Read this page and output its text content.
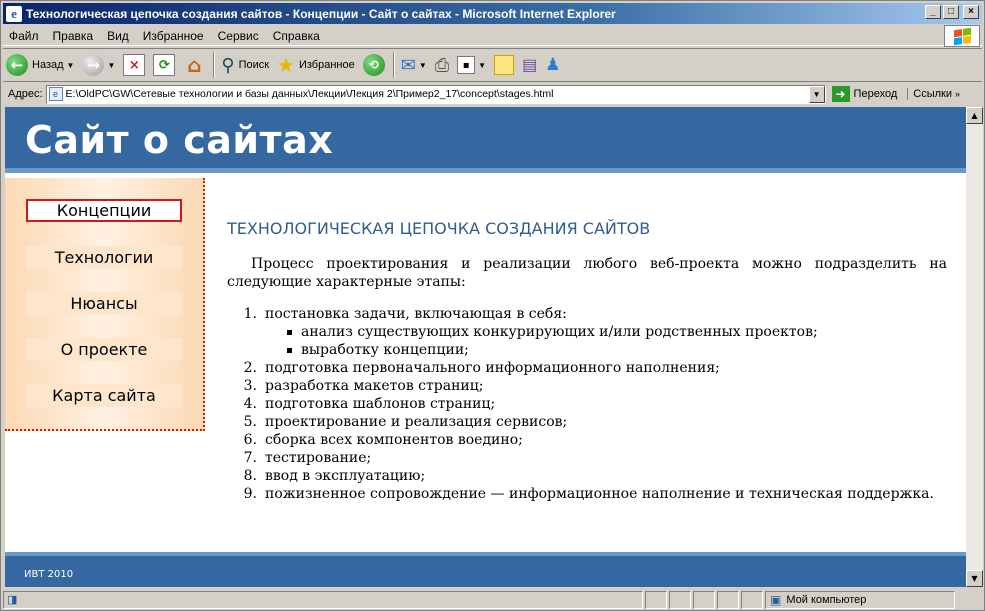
e Технологическая цепочка создания сайтов - Концепции - Сайт о сайтах - Microsoft Internet Explorer	_	□	×
Файл	Правка	Вид	Избранное	Сервис	Справка
← Назад ▼ → ▼	×	⟳ ⌂ ⚲ Поиск ★ Избранное	⟲	✉ ▼ ⎙	▪	▼ ▤ ♟
Адрес:	e E:\OldPC\GW\Сетевые технологии и базы данных\Лекции\Лекция 2\Пример2_17\concept\stages.html	▼	➜ Переход	Ссылки »
Сайт о сайтах
Концепции
Технологии
Нюансы
О проекте
Карта сайта
ТЕХНОЛОГИЧЕСКАЯ ЦЕПОЧКА СОЗДАНИЯ САЙТОВ

Процесс проектирования и реализации любого веб-проекта можно подразделить на следующие характерные этапы:

1. постановка задачи, включающая в себя:
анализ существующих конкурирующих и/или родственных проектов;
выработку концепции;
2. подготовка первоначального информационного наполнения;
3. разработка макетов страниц;
4. подготовка шаблонов страниц;
5. проектирование и реализация сервисов;
6. сборка всех компонентов воедино;
7. тестирование;
8. ввод в эксплуатацию;
9. пожизненное сопровождение — информационное наполнение и техническая поддержка.
ИВТ 2010
▲
▼
◨	▣ Мой компьютер
